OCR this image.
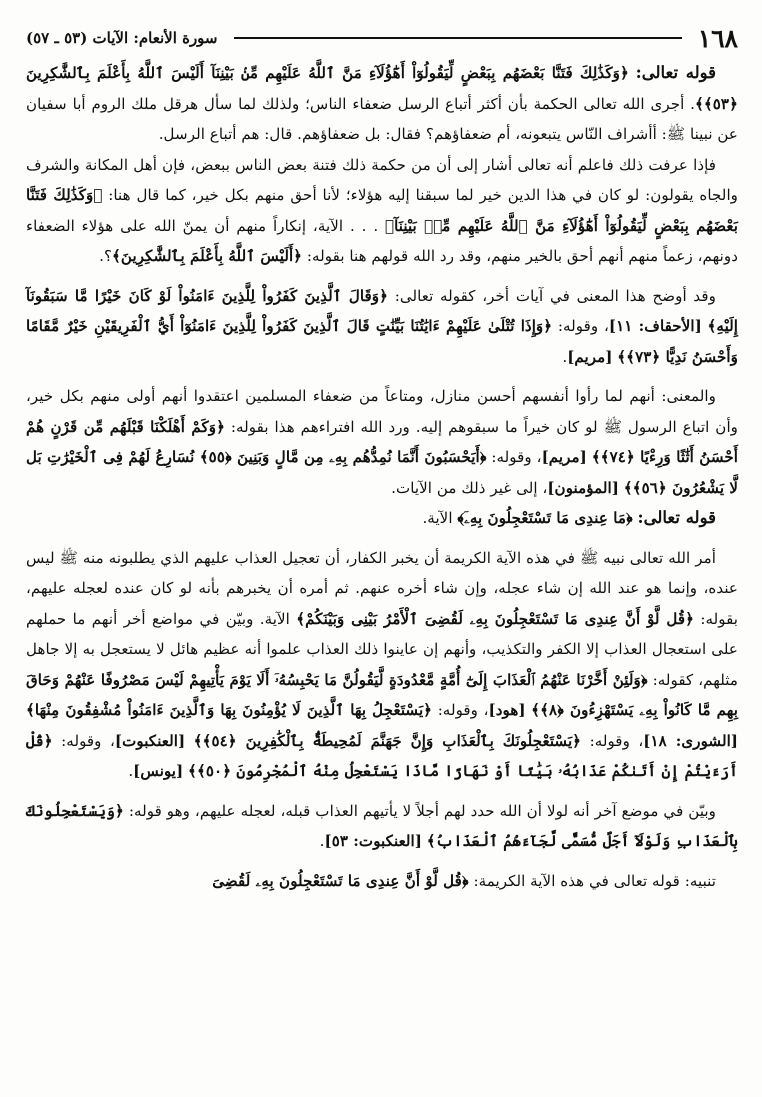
١٦٨
سورة الأنعام: الآيات (٥٣ ـ ٥٧)

قوله تعالى: ﴿وَكَذَٰلِكَ فَتَنَّا بَعْضَهُم بِبَعْضٍ لِّيَقُولُوٓاْ أَهَٰٓؤُلَآءِ مَنَّ ٱللَّهُ عَلَيْهِم مِّنۢ بَيْنِنَآ أَلَيْسَ ٱللَّهُ بِأَعْلَمَ بِٱلشَّٰكِرِينَ ﴿٥٣﴾﴾. أجرى الله تعالى الحكمة بأن أكثر أتباع الرسل ضعفاء الناس؛ ولذلك لما سأل هرقل ملك الروم أبا سفيان عن نبينا ﷺ: أأشراف النّاس يتبعونه، أم ضعفاؤهم؟ فقال: بل ضعفاؤهم. قال: هم أتباع الرسل.

فإذا عرفت ذلك فاعلم أنه تعالى أشار إلى أن من حكمة ذلك فتنة بعض الناس ببعض، فإن أهل المكانة والشرف والجاه يقولون: لو كان في هذا الدين خير لما سبقنا إليه هؤلاء؛ لأنا أحق منهم بكل خير، كما قال هنا: ﴿وَكَذَٰلِكَ فَتَنَّا بَعْضَهُم بِبَعْضٍ لِّيَقُولُوٓاْ أَهَٰٓؤُلَآءِ مَنَّ ٱللَّهُ عَلَيْهِم مِّنۢ بَيْنِنَآ﴾ . . . الآية، إنكاراً منهم أن يمنّ الله على هؤلاء الضعفاء دونهم، زعماً منهم أنهم أحق بالخير منهم، وقد رد الله قولهم هنا بقوله: ﴿أَلَيْسَ ٱللَّهُ بِأَعْلَمَ بِٱلشَّٰكِرِينَ﴾؟.

وقد أوضح هذا المعنى في آيات أخر، كقوله تعالى: ﴿وَقَالَ ٱلَّذِينَ كَفَرُواْ لِلَّذِينَ ءَامَنُواْ لَوْ كَانَ خَيْرًا مَّا سَبَقُونَآ إِلَيْهِ﴾ [الأحقاف: ١١]، وقوله: ﴿وَإِذَا تُتْلَىٰ عَلَيْهِمْ ءَايَٰتُنَا بَيِّنَٰتٍ قَالَ ٱلَّذِينَ كَفَرُواْ لِلَّذِينَ ءَامَنُوٓاْ أَيُّ ٱلْفَرِيقَيْنِ خَيْرٌ مَّقَامًا وَأَحْسَنُ نَدِيًّا ﴿٧٣﴾﴾ [مريم].

والمعنى: أنهم لما رأوا أنفسهم أحسن منازل، ومتاعاً من ضعفاء المسلمين اعتقدوا أنهم أولى منهم بكل خير، وأن اتباع الرسول ﷺ لو كان خيراً ما سبقوهم إليه. ورد الله افتراءهم هذا بقوله: ﴿وَكَمْ أَهْلَكْنَا قَبْلَهُم مِّن قَرْنٍ هُمْ أَحْسَنُ أَثَٰثًا وَرِءْيًا ﴿٧٤﴾﴾ [مريم]، وقوله: ﴿أَيَحْسَبُونَ أَنَّمَا نُمِدُّهُم بِهِۦ مِن مَّالٍ وَبَنِينَ ﴿٥٥﴾ نُسَارِعُ لَهُمْ فِى ٱلْخَيْرَٰتِ بَل لَّا يَشْعُرُونَ ﴿٥٦﴾﴾ [المؤمنون]، إلى غير ذلك من الآيات.

قوله تعالى: ﴿مَا عِندِى مَا تَسْتَعْجِلُونَ بِهِۦٓ﴾ الآية.

أمر الله تعالى نبيه ﷺ في هذه الآية الكريمة أن يخبر الكفار، أن تعجيل العذاب عليهم الذي يطلبونه منه ﷺ ليس عنده، وإنما هو عند الله إن شاء عجله، وإن شاء أخره عنهم. ثم أمره أن يخبرهم بأنه لو كان عنده لعجله عليهم، بقوله: ﴿قُل لَّوْ أَنَّ عِندِى مَا تَسْتَعْجِلُونَ بِهِۦ لَقُضِىَ ٱلْأَمْرُ بَيْنِى وَبَيْنَكُمْ﴾ الآية. وبيّن في مواضع أخر أنهم ما حملهم على استعجال العذاب إلا الكفر والتكذيب، وأنهم إن عاينوا ذلك العذاب علموا أنه عظيم هائل لا يستعجل به إلا جاهل مثلهم، كقوله: ﴿وَلَئِنْ أَخَّرْنَا عَنْهُمُ ٱلْعَذَابَ إِلَىٰٓ أُمَّةٍ مَّعْدُودَةٍ لَّيَقُولُنَّ مَا يَحْبِسُهُۥٓ أَلَا يَوْمَ يَأْتِيهِمْ لَيْسَ مَصْرُوفًا عَنْهُمْ وَحَاقَ بِهِم مَّا كَانُواْ بِهِۦ يَسْتَهْزِءُونَ ﴿٨﴾﴾ [هود]، وقوله: ﴿يَسْتَعْجِلُ بِهَا ٱلَّذِينَ لَا يُؤْمِنُونَ بِهَا وَٱلَّذِينَ ءَامَنُواْ مُشْفِقُونَ مِنْهَا﴾ [الشورى: ١٨]، وقوله: ﴿يَسْتَعْجِلُونَكَ بِٱلْعَذَابِ وَإِنَّ جَهَنَّمَ لَمُحِيطَةٌۢ بِٱلْكَٰفِرِينَ ﴿٥٤﴾﴾ [العنكبوت]، وقوله: ﴿قُلْ أَرَءَيْتُمْ إِنْ أَتَىٰكُمْ عَذَابُهُۥ بَيَٰتًا أَوْ نَهَارًا مَّاذَا يَسْتَعْجِلُ مِنْهُ ٱلْمُجْرِمُونَ ﴿٥٠﴾﴾ [يونس].

وبيّن في موضع آخر أنه لولا أن الله حدد لهم أجلاً لا يأتيهم العذاب قبله، لعجله عليهم، وهو قوله: ﴿وَيَسْتَعْجِلُونَكَ بِٱلْعَذَابِ وَلَوْلَآ أَجَلٌ مُّسَمًّى لَّجَآءَهُمُ ٱلْعَذَابُ﴾ [العنكبوت: ٥٣].

تنبيه: قوله تعالى في هذه الآية الكريمة: ﴿قُل لَّوْ أَنَّ عِندِى مَا تَسْتَعْجِلُونَ بِهِۦ لَقُضِىَ
